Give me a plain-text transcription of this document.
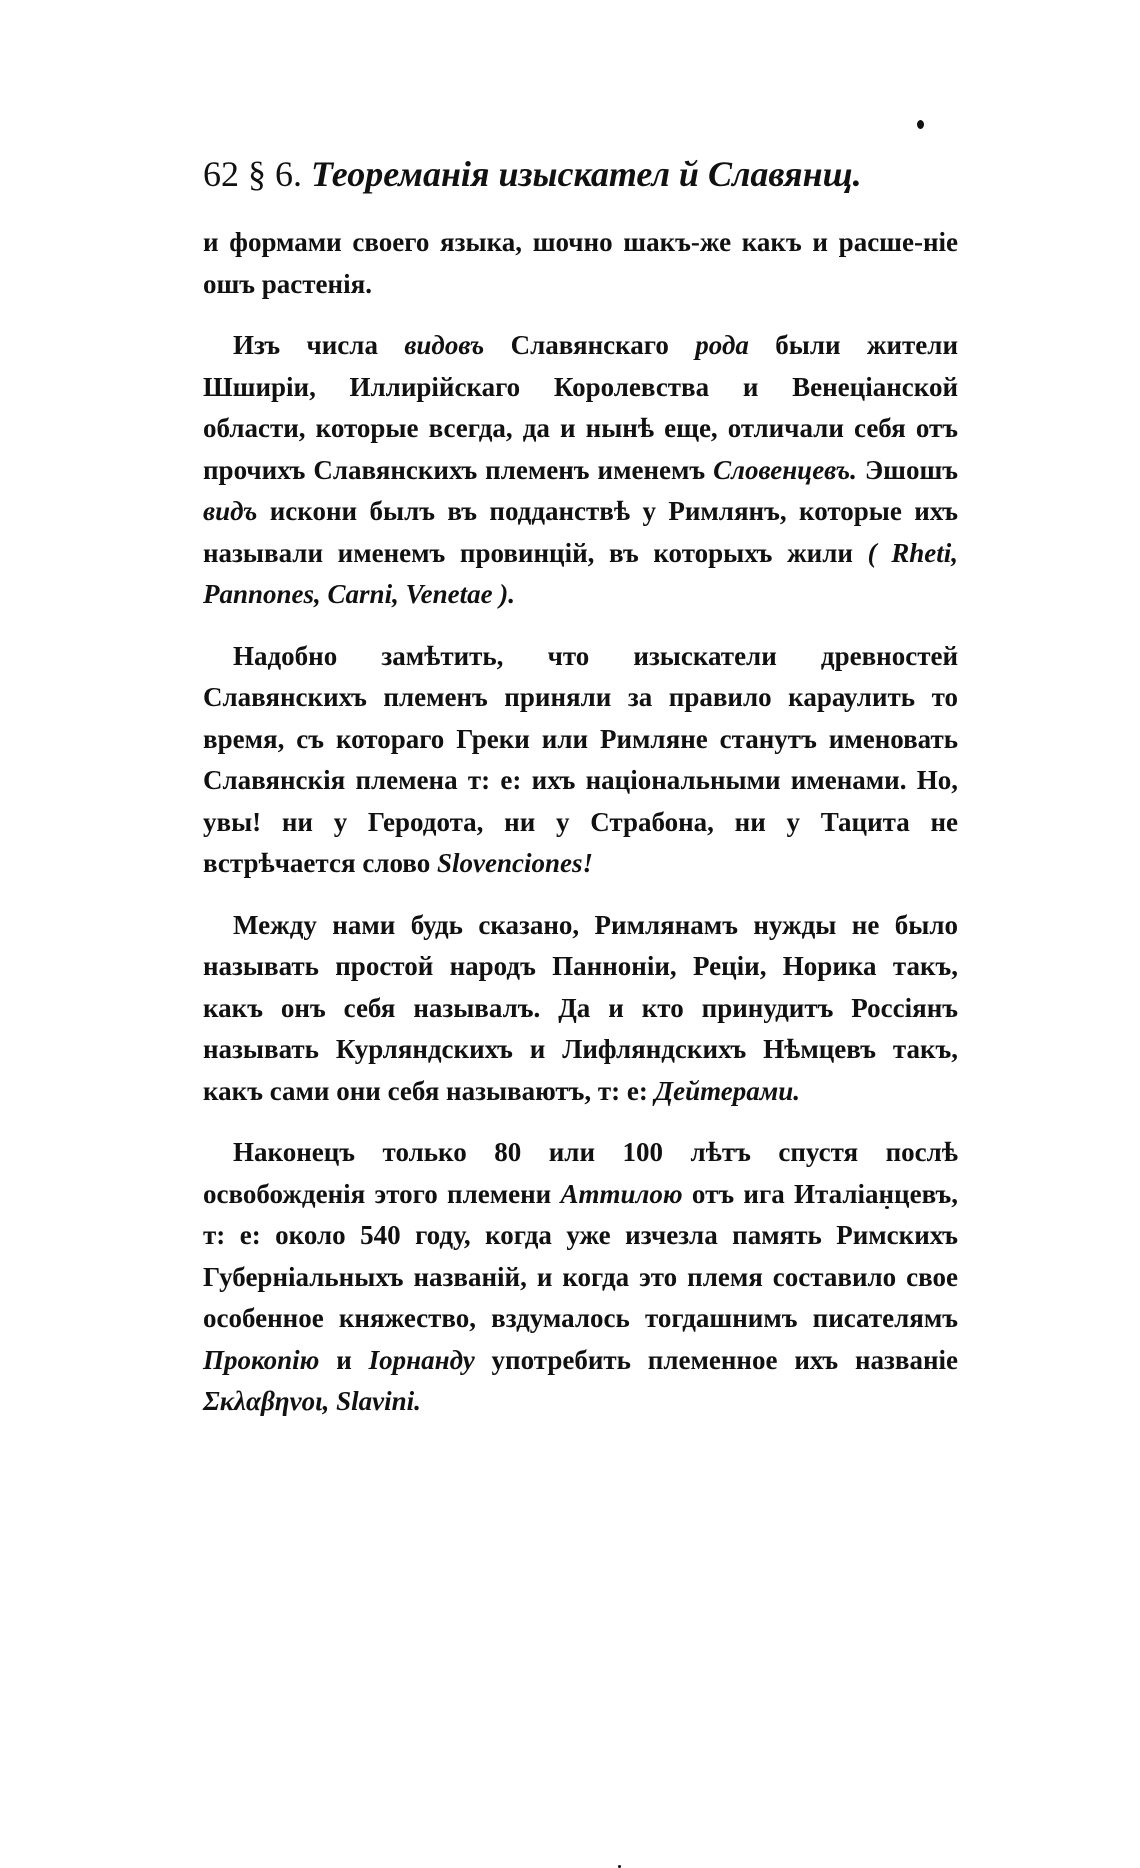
62 § 6. Теореманія изыскател й Славянщ.

и формами своего языка, шочно шакъ-же какъ и расше-ніе ошъ растенія.

Изъ числа видовъ Славянскаго рода были жители Шширіи, Иллирійскаго Королевства и Венеціанской области, которые всегда, да и нынѣ еще, отличали себя отъ прочихъ Славянскихъ племенъ именемъ Словенцевъ. Эшошъ видъ искони былъ въ подданствѣ у Римлянъ, которые ихъ называли именемъ провинцій, въ которыхъ жили ( Rheti, Pannones, Carni, Venetae ).

Надобно замѣтить, что изыскатели древностей Славянскихъ племенъ приняли за правило караулить то время, съ котораго Греки или Римляне станутъ именовать Славянскія племена т: е: ихъ національными именами. Но, увы! ни у Геродота, ни у Страбона, ни у Тацита не встрѣчается слово Slovenciones!

Между нами будь сказано, Римлянамъ нужды не было называть простой народъ Панноніи, Реціи, Норика такъ, какъ онъ себя называлъ. Да и кто принудитъ Россіянъ называть Курляндскихъ и Лифляндскихъ Нѣмцевъ такъ, какъ сами они себя называютъ, т: е: Дейтерами.

Наконецъ только 80 или 100 лѣтъ спустя послѣ освобожденія этого племени Аттилою отъ ига Италіанцевъ, т: е: около 540 году, когда уже изчезла память Римскихъ Губерніальныхъ названій, и когда это племя составило свое особенное княжество, вздумалось тогдашнимъ писателямъ Прокопію и Іорнанду употребить племенное ихъ названіе Σκλαβηνοι, Slavini.
